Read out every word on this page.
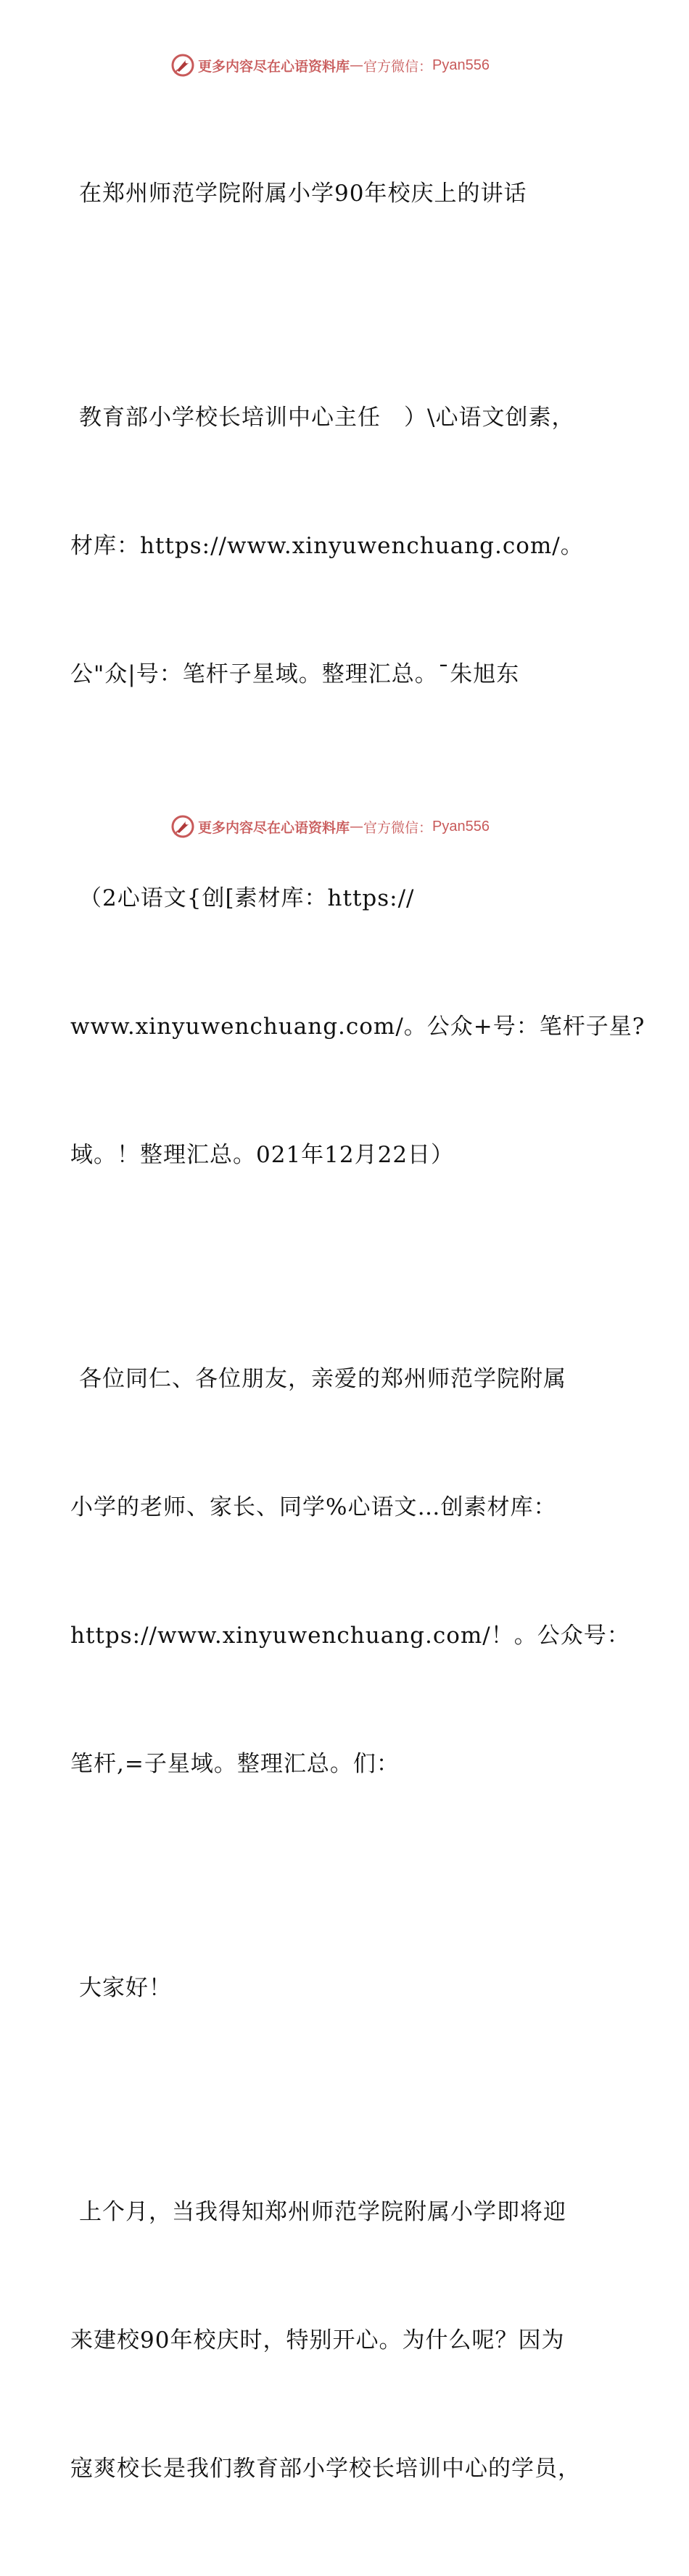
更多内容尽在心语资料库 — 官方微信： Pyan556

在郑州师范学院附属小学90年校庆上的讲话

教育部小学校长培训中心主任　）\心语文创素，

材库：https://www.xinyuwenchuang.com/。

公"众|号：笔杆子星域。整理汇总。¯朱旭东

（2心语文{创[素材库：https://

www.xinyuwenchuang.com/。公众+号：笔杆子星?

域。！整理汇总。021年12月22日）

各位同仁、各位朋友，亲爱的郑州师范学院附属

小学的老师、家长、同学%心语文…创素材库：

https://www.xinyuwenchuang.com/！。公众号：

笔杆,=子星域。整理汇总。们：

大家好！

上个月，当我得知郑州师范学院附属小学即将迎

来建校90年校庆时，特别开心。为什么呢？因为

寇爽校长是我们教育部小学校长培训中心的学员，

更多内容尽在心语资料库 — 官方微信： Pyan556
